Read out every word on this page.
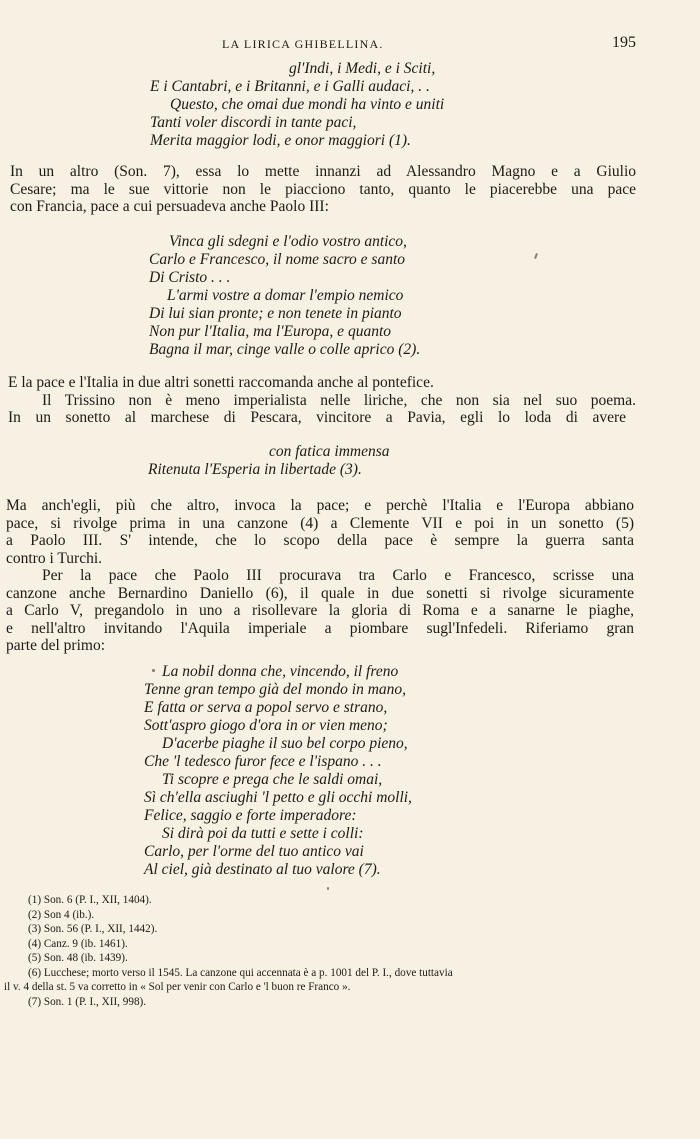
LA LIRICA GHIBELLINA.	195
gl'Indi, i Medi, e i Sciti,
E i Cantabri, e i Britanni, e i Galli audaci, . .
Questo, che omai due mondi ha vinto e uniti
Tanti voler discordi in tante paci,
Merita maggior lodi, e onor maggiori (1).

In un altro (Son. 7), essa lo mette innanzi ad Alessandro Magno e a Giulio

Cesare; ma le sue vittorie non le piacciono tanto, quanto le piacerebbe una pace

con Francia, pace a cui persuadeva anche Paolo III:

Vinca gli sdegni e l'odio vostro antico,
Carlo e Francesco, il nome sacro e santo
Di Cristo . . .
L'armi vostre a domar l'empio nemico
Di lui sian pronte; e non tenete in pianto
Non pur l'Italia, ma l'Europa, e quanto
Bagna il mar, cinge valle o colle aprico (2).

E la pace e l'Italia in due altri sonetti raccomanda anche al pontefice.

Il Trissino non è meno imperialista nelle liriche, che non sia nel suo poema.

In un sonetto al marchese di Pescara, vincitore a Pavia, egli lo loda di avere

con fatica immensa
Ritenuta l'Esperia in libertade (3).

Ma anch'egli, più che altro, invoca la pace; e perchè l'Italia e l'Europa abbiano

pace, si rivolge prima in una canzone (4) a Clemente VII e poi in un sonetto (5)

a Paolo III. S' intende, che lo scopo della pace è sempre la guerra santa

contro i Turchi.

Per la pace che Paolo III procurava tra Carlo e Francesco, scrisse una

canzone anche Bernardino Daniello (6), il quale in due sonetti si rivolge sicuramente

a Carlo V, pregandolo in uno a risollevare la gloria di Roma e a sanarne le piaghe,

e nell'altro invitando l'Aquila imperiale a piombare sugl'Infedeli. Riferiamo gran

parte del primo:

La nobil donna che, vincendo, il freno
Tenne gran tempo già del mondo in mano,
E fatta or serva a popol servo e strano,
Sott'aspro giogo d'ora in or vien meno;
D'acerbe piaghe il suo bel corpo pieno,
Che 'l tedesco furor fece e l'ispano . . .
Ti scopre e prega che le saldi omai,
Sì ch'ella asciughi 'l petto e gli occhi molli,
Felice, saggio e forte imperadore:
Si dirà poi da tutti e sette i colli:
Carlo, per l'orme del tuo antico vai
Al ciel, già destinato al tuo valore (7).
(1) Son. 6 (P. I., XII, 1404).
(2) Son 4 (ib.).
(3) Son. 56 (P. I., XII, 1442).
(4) Canz. 9 (ib. 1461).
(5) Son. 48 (ib. 1439).
(6) Lucchese; morto verso il 1545. La canzone qui accennata è a p. 1001 del P. I., dove tuttavia
il v. 4 della st. 5 va corretto in « Sol per venir con Carlo e 'l buon re Franco ».
(7) Son. 1 (P. I., XII, 998).
